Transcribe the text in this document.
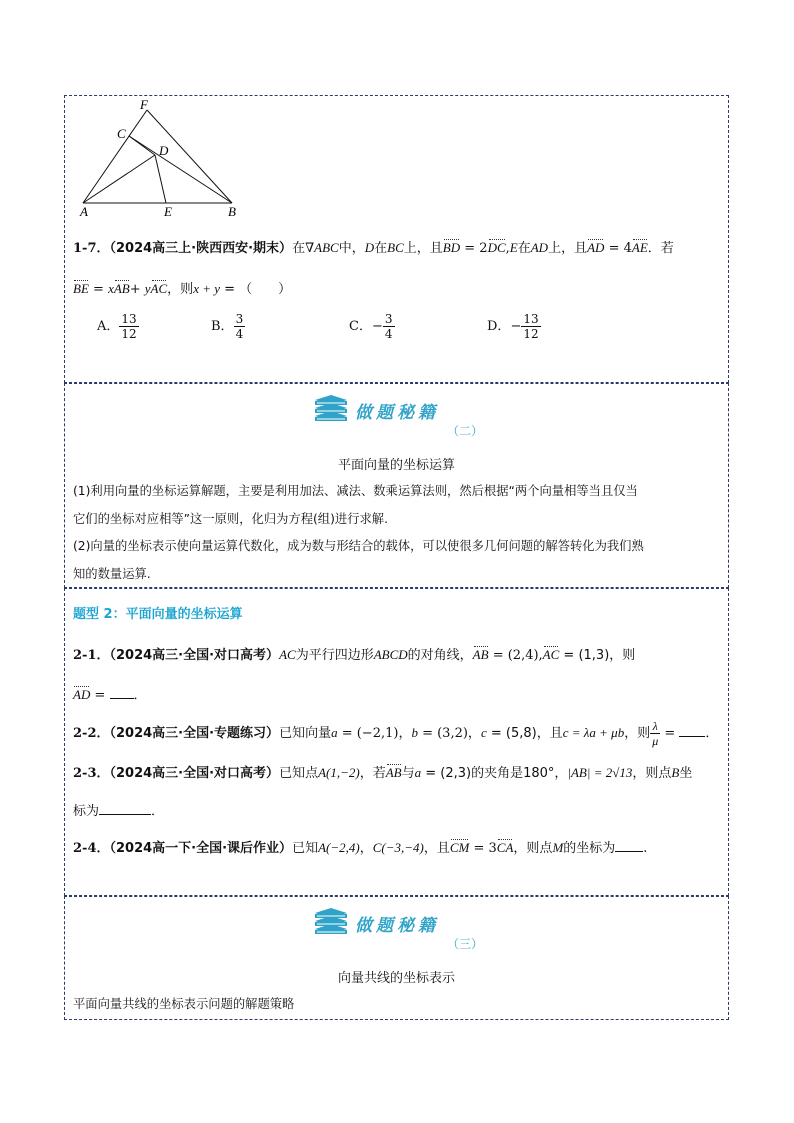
F
C
D
A	E	B
1-7．（2024高三上·陕西西安·期末）在∇ABC中，D在BC上，且BD = 2DC,E在AD上，且AD = 4AE．若
BE = xAB+ yAC，则x + y = （　　）
A． $\frac{13}{12}$	B． $\frac{3}{4}$	C．− $\frac{3}{4}$	D．− $\frac{13}{12}$
做题秘籍
（二）
平面向量的坐标运算
(1)利用向量的坐标运算解题，主要是利用加法、减法、数乘运算法则，然后根据“两个向量相等当且仅当
它们的坐标对应相等”这一原则，化归为方程(组)进行求解.
(2)向量的坐标表示使向量运算代数化，成为数与形结合的载体，可以使很多几何问题的解答转化为我们熟
知的数量运算.
题型 2：平面向量的坐标运算
2-1．（2024高三·全国·对口高考）AC为平行四边形ABCD的对角线，AB = (2,4),AC = (1,3)，则
AD = ．
2-2．（2024高三·全国·专题练习）已知向量a = (−2,1)，b = (3,2)，c = (5,8)，且c = λa + μb，则 $\frac{\lambda}{\mu}$ = ．
2-3．（2024高三·全国·对口高考）已知点A(1,−2)，若AB与a = (2,3)的夹角是180°，|AB| = 2√13，则点B坐
标为	．
2-4．（2024高一下·全国·课后作业）已知A(−2,4)，C(−3,−4)，且CM = 3CA，则点M的坐标为 .
做题秘籍
（三）
向量共线的坐标表示
平面向量共线的坐标表示问题的解题策略
